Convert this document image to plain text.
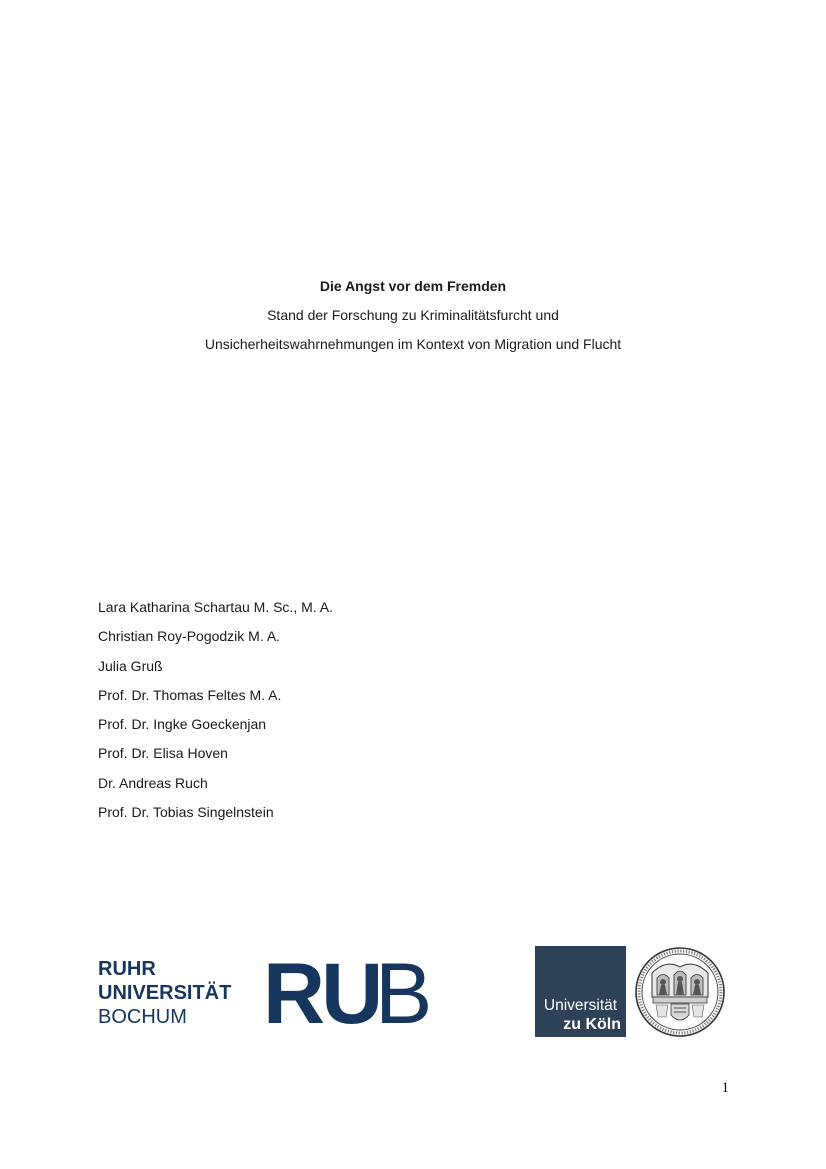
Die Angst vor dem Fremden
Stand der Forschung zu Kriminalitätsfurcht und
Unsicherheitswahrnehmungen im Kontext von Migration und Flucht
Lara Katharina Schartau M. Sc., M. A.
Christian Roy-Pogodzik M. A.
Julia Gruß
Prof. Dr. Thomas Feltes M. A.
Prof. Dr. Ingke Goeckenjan
Prof. Dr. Elisa Hoven
Dr. Andreas Ruch
Prof. Dr. Tobias Singelnstein
RUHR
UNIVERSITÄT
BOCHUM RU
B	Universität
zu Köln
1
